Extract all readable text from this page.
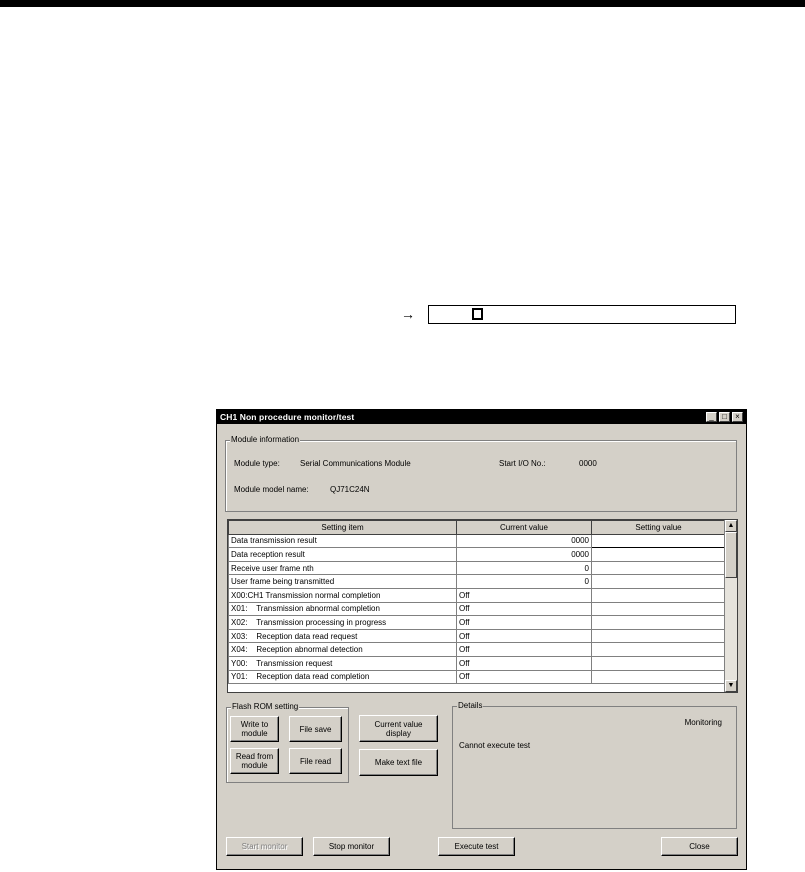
→
CH1 Non procedure monitor/test	_	□	×
Module information
Module type:	Serial Communications Module	Start I/O No.:	0000
Module model name:	QJ71C24N
Setting item	Current value	Setting value
Data transmission result	0000	
Data reception result	0000	
Receive user frame nth	0	
User frame being transmitted	0	
X00:CH1 Transmission normal completion	Off	
X01:    Transmission abnormal completion	Off	
X02:    Transmission processing in progress	Off	
X03:    Reception data read request	Off	
X04:    Reception abnormal detection	Off	
Y00:    Transmission request	Off	
Y01:    Reception data read completion	Off	
▲
▼
Flash ROM setting
Write to
module	File save
Read from
module	File read
Current value
display
Make text file
Details
Monitoring
Cannot execute test
Start monitor	Stop monitor	Execute test	Close
